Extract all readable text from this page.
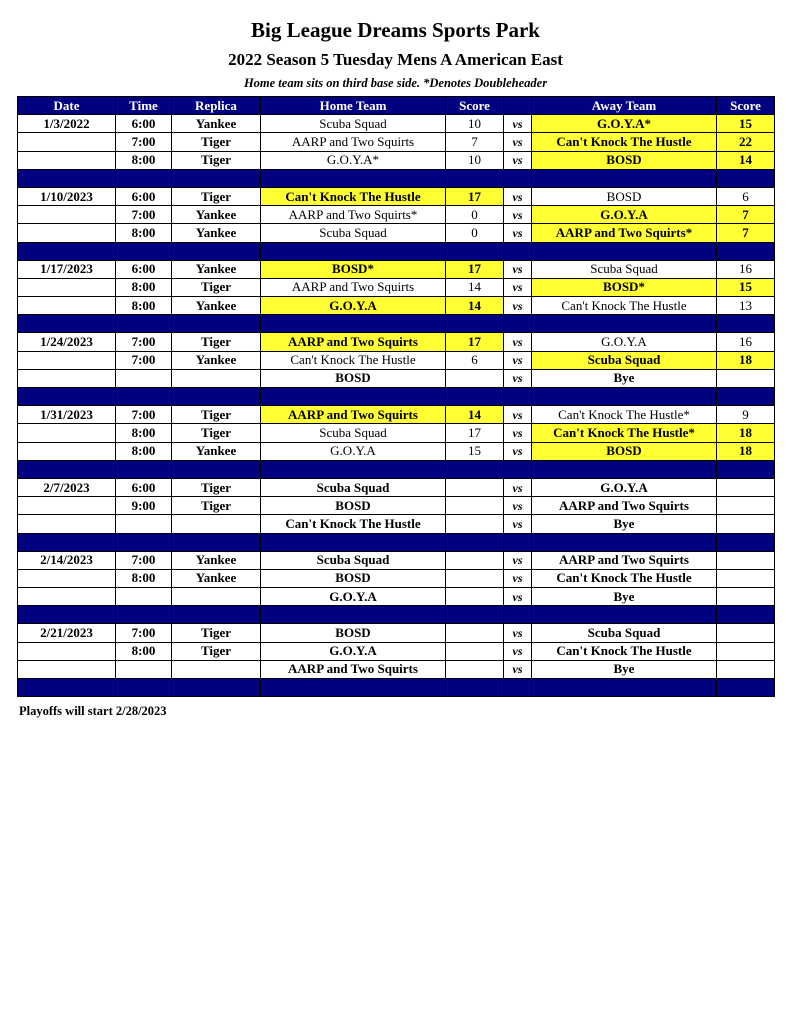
Big League Dreams Sports Park
2022 Season 5 Tuesday Mens A American East
Home team sits on third base side. *Denotes Doubleheader
Date	Time	Replica	Home Team	Score		Away Team	Score
1/3/2022	6:00	Yankee	Scuba Squad	10	vs	G.O.Y.A*	15
	7:00	Tiger	AARP and Two Squirts	7	vs	Can't Knock The Hustle	22
	8:00	Tiger	G.O.Y.A*	10	vs	BOSD	14

1/10/2023	6:00	Tiger	Can't Knock The Hustle	17	vs	BOSD	6
	7:00	Yankee	AARP and Two Squirts*	0	vs	G.O.Y.A	7
	8:00	Yankee	Scuba Squad	0	vs	AARP and Two Squirts*	7

1/17/2023	6:00	Yankee	BOSD*	17	vs	Scuba Squad	16
	8:00	Tiger	AARP and Two Squirts	14	vs	BOSD*	15
	8:00	Yankee	G.O.Y.A	14	vs	Can't Knock The Hustle	13

1/24/2023	7:00	Tiger	AARP and Two Squirts	17	vs	G.O.Y.A	16
	7:00	Yankee	Can't Knock The Hustle	6	vs	Scuba Squad	18
			BOSD		vs	Bye	

1/31/2023	7:00	Tiger	AARP and Two Squirts	14	vs	Can't Knock The Hustle*	9
	8:00	Tiger	Scuba Squad	17	vs	Can't Knock The Hustle*	18
	8:00	Yankee	G.O.Y.A	15	vs	BOSD	18

2/7/2023	6:00	Tiger	Scuba Squad		vs	G.O.Y.A	
	9:00	Tiger	BOSD		vs	AARP and Two Squirts	
			Can't Knock The Hustle		vs	Bye	

2/14/2023	7:00	Yankee	Scuba Squad		vs	AARP and Two Squirts	
	8:00	Yankee	BOSD		vs	Can't Knock The Hustle	
			G.O.Y.A		vs	Bye	

2/21/2023	7:00	Tiger	BOSD		vs	Scuba Squad	
	8:00	Tiger	G.O.Y.A		vs	Can't Knock The Hustle	
			AARP and Two Squirts		vs	Bye	

Playoffs will start 2/28/2023
